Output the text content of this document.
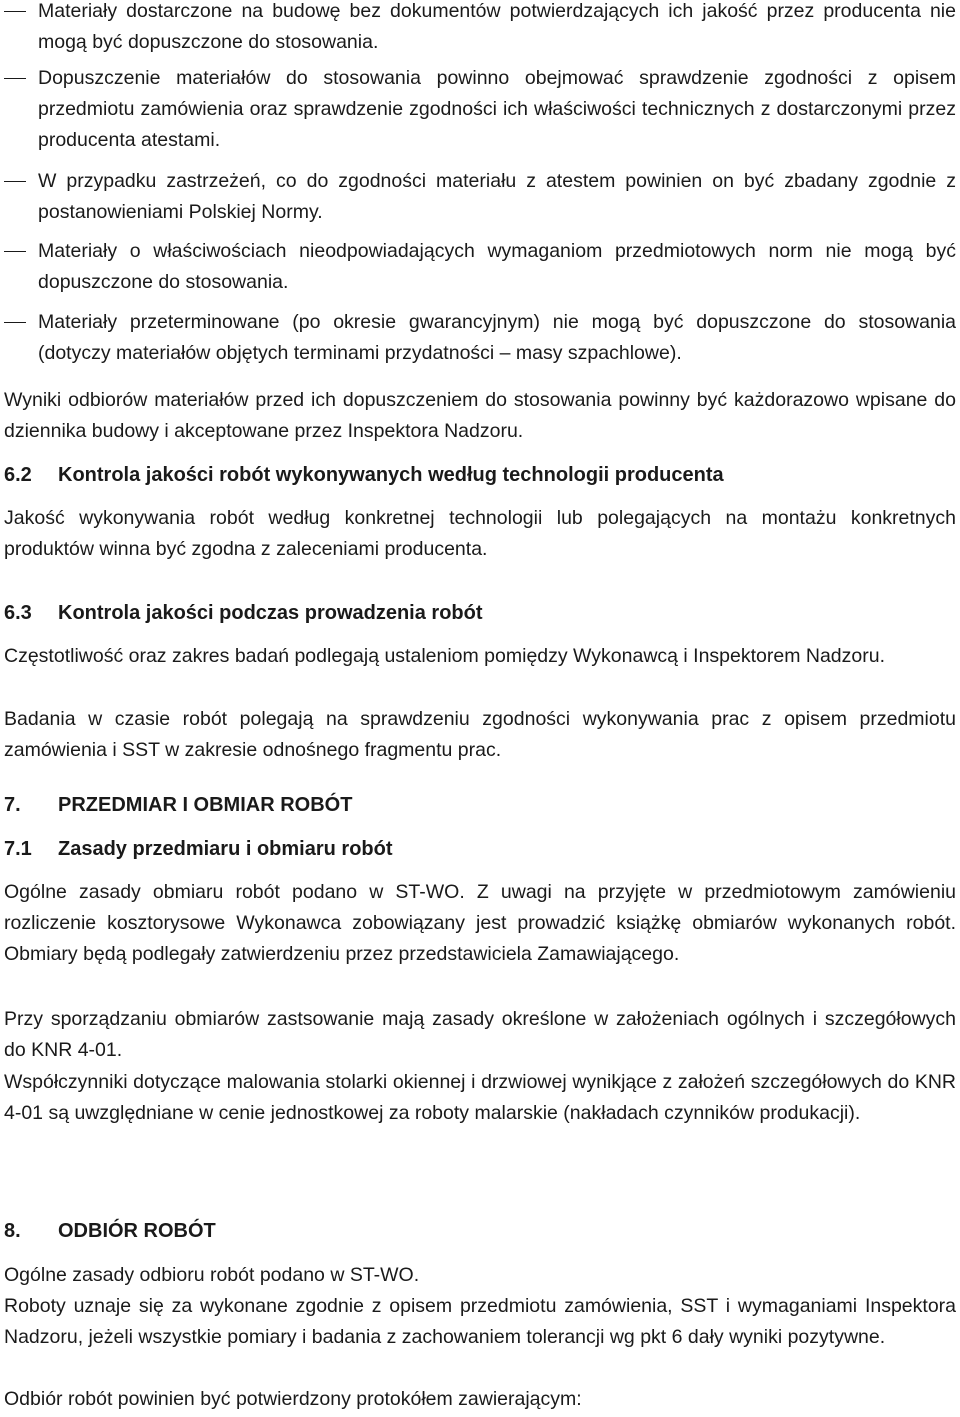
Materiały dostarczone na budowę bez dokumentów potwierdzających ich jakość przez producenta nie mogą być dopuszczone do stosowania.
Dopuszczenie materiałów do stosowania powinno obejmować sprawdzenie zgodności z opisem przedmiotu zamówienia oraz sprawdzenie zgodności ich właściwości technicznych z dostarczonymi przez producenta atestami.
W przypadku zastrzeżeń, co do zgodności materiału z atestem powinien on być zbadany zgodnie z postanowieniami Polskiej Normy.
Materiały o właściwościach nieodpowiadających wymaganiom przedmiotowych norm nie mogą być dopuszczone do stosowania.
Materiały przeterminowane (po okresie gwarancyjnym) nie mogą być dopuszczone do stosowania (dotyczy materiałów objętych terminami przydatności – masy szpachlowe).
Wyniki odbiorów materiałów przed ich dopuszczeniem do stosowania powinny być każdorazowo wpisane do dziennika budowy i akceptowane przez Inspektora Nadzoru.
6.2 Kontrola jakości robót wykonywanych według technologii producenta
Jakość wykonywania robót według konkretnej technologii lub polegających na montażu konkretnych produktów winna być zgodna z zaleceniami producenta.
6.3 Kontrola jakości podczas prowadzenia robót
Częstotliwość oraz zakres badań podlegają ustaleniom pomiędzy Wykonawcą i Inspektorem Nadzoru.
Badania w czasie robót polegają na sprawdzeniu zgodności wykonywania prac z opisem przedmiotu zamówienia i SST w zakresie odnośnego fragmentu prac.
7. PRZEDMIAR I OBMIAR ROBÓT
7.1 Zasady przedmiaru i obmiaru robót
Ogólne zasady obmiaru robót podano w ST-WO. Z uwagi na przyjęte w przedmiotowym zamówieniu rozliczenie kosztorysowe Wykonawca zobowiązany jest prowadzić książkę obmiarów wykonanych robót. Obmiary będą podlegały zatwierdzeniu przez przedstawiciela Zamawiającego.
Przy sporządzaniu obmiarów zastsowanie mają zasady określone w założeniach ogólnych i szczegółowych do KNR 4-01.
Współczynniki dotyczące malowania stolarki okiennej i drzwiowej wynikjące z założeń szczegółowych do KNR 4-01 są uwzględniane w cenie jednostkowej za roboty malarskie (nakładach czynników produkacji).
8. ODBIÓR ROBÓT
Ogólne zasady odbioru robót podano w ST-WO.
Roboty uznaje się za wykonane zgodnie z opisem przedmiotu zamówienia, SST i wymaganiami Inspektora Nadzoru, jeżeli wszystkie pomiary i badania z zachowaniem tolerancji wg pkt 6 dały wyniki pozytywne.
Odbiór robót powinien być potwierdzony protokółem zawierającym:
